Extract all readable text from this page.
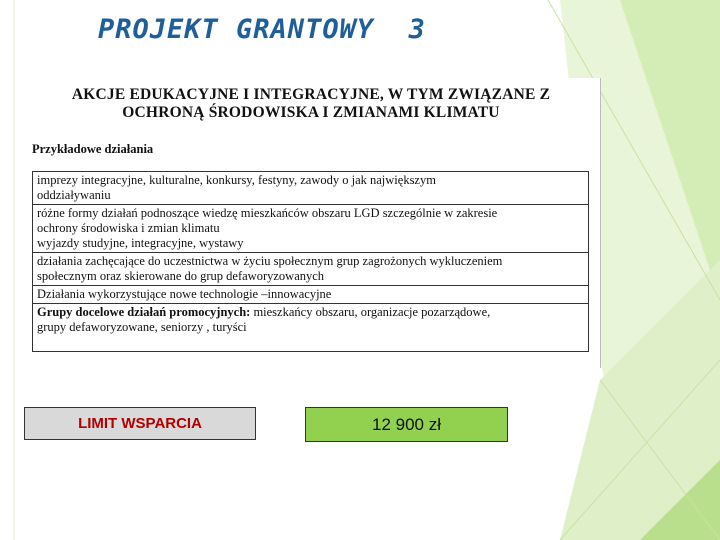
PROJEKT GRANTOWY  3
AKCJE EDUKACYJNE I INTEGRACYJNE, W TYM ZWIĄZANE Z
OCHRONĄ ŚRODOWISKA I ZMIANAMI KLIMATU
Przykładowe działania
imprezy integracyjne, kulturalne, konkursy, festyny, zawody o jak największym
oddziaływaniu
różne formy działań podnoszące wiedzę mieszkańców obszaru LGD szczególnie w zakresie
ochrony środowiska i zmian klimatu
wyjazdy studyjne, integracyjne, wystawy
działania zachęcające do uczestnictwa w życiu społecznym grup zagrożonych wykluczeniem
społecznym oraz skierowane do grup defaworyzowanych
Działania wykorzystujące nowe technologie –innowacyjne
Grupy docelowe działań promocyjnych: mieszkańcy obszaru, organizacje pozarządowe,
grupy defaworyzowane, seniorzy , turyści
LIMIT WSPARCIA	12 900 zł
